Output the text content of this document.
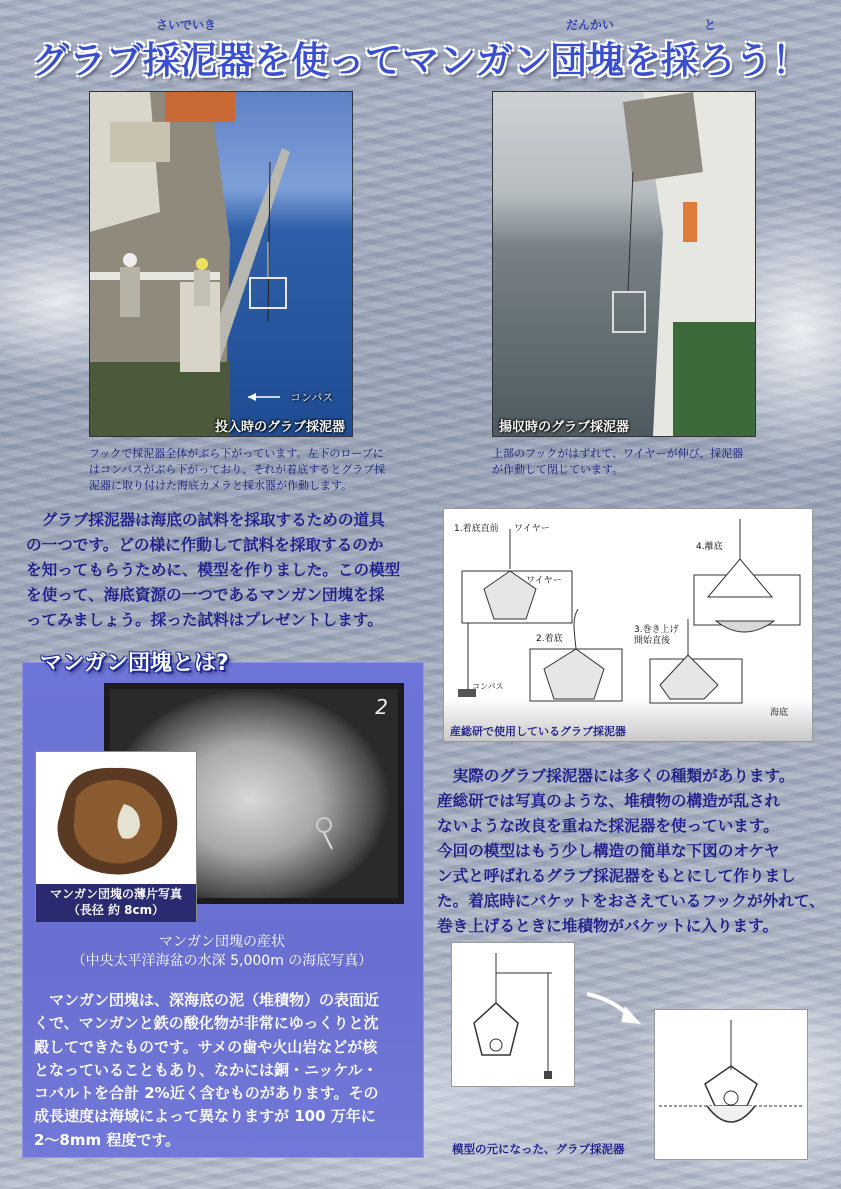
さいでいき	だんかい	と
グラブ採泥器を使ってマンガン団塊を採ろう！
コンパス
投入時のグラブ採泥器
フックで採泥器全体がぶら下がっています。左下のロープに
はコンパスがぶら下がっており、それが着底するとグラブ採
泥器に取り付けた海底カメラと採水器が作動します。
揚収時のグラブ採泥器
上部のフックがはずれて、ワイヤーが伸び、採泥器
が作動して閉じています。
　グラブ採泥器は海底の試料を採取するための道具
の一つです。どの様に作動して試料を採取するのか
を知ってもらうために、模型を作りました。この模型
を使って、海底資源の一つであるマンガン団塊を採
ってみましょう。採った試料はプレゼントします。
1.着底直前 ワイヤー
ワイヤー
2.着底
3.巻き上げ
開始直後
4.離底
コンパス
海底
産総研で使用しているグラブ採泥器
　実際のグラブ採泥器には多くの種類があります。
産総研では写真のような、堆積物の構造が乱され
ないような改良を重ねた採泥器を使っています。
今回の模型はもう少し構造の簡単な下図のオケヤ
ン式と呼ばれるグラブ採泥器をもとにして作りまし
た。着底時にバケットをおさえているフックが外れて、
巻き上げるときに堆積物がバケットに入ります。
模型の元になった、グラブ採泥器
マンガン団塊とは?
2
マンガン団塊の薄片写真
（長径 約 8cm）
マンガン団塊の産状
（中央太平洋海盆の水深 5,000m の海底写真）
　マンガン団塊は、深海底の泥（堆積物）の表面近
くで、マンガンと鉄の酸化物が非常にゆっくりと沈
殿してできたものです。サメの歯や火山岩などが核
となっていることもあり、なかには銅・ニッケル・
コバルトを合計 2%近く含むものがあります。その
成長速度は海域によって異なりますが 100 万年に
2〜8mm 程度です。
